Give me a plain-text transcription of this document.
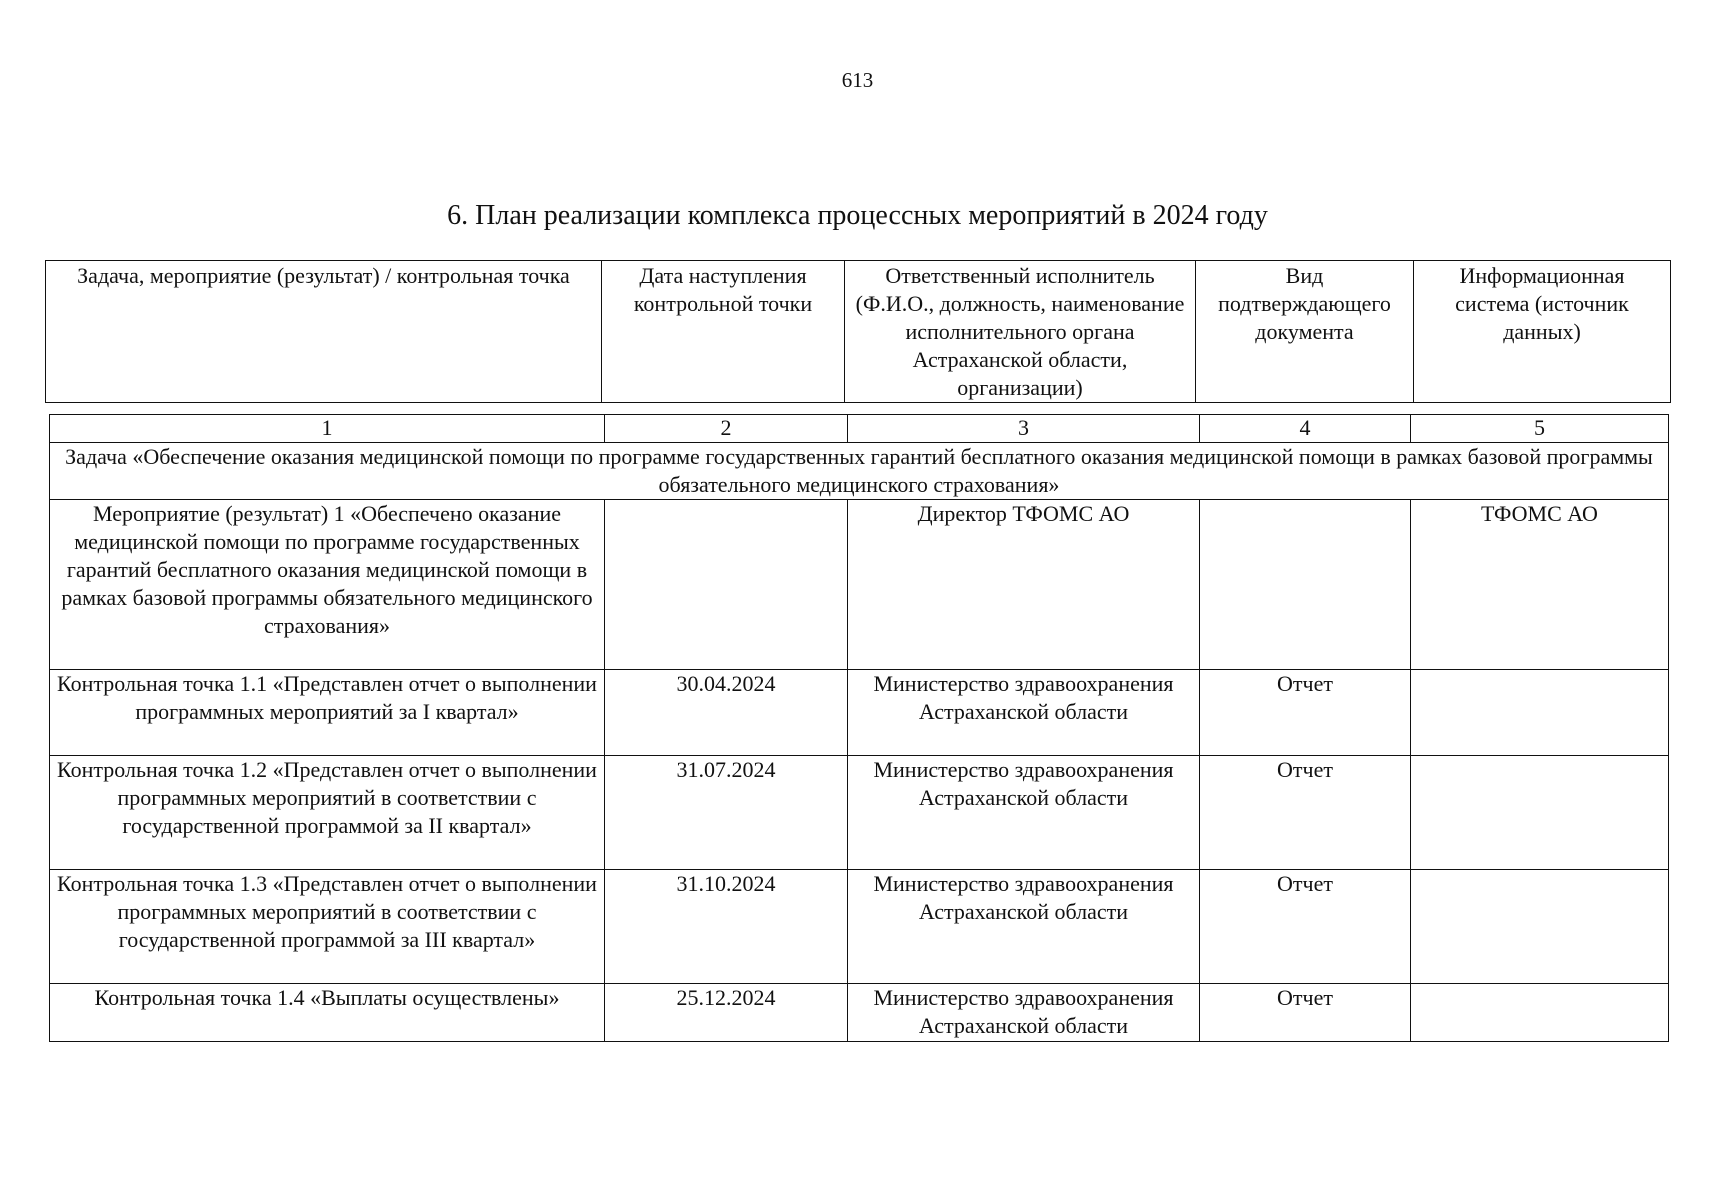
613
6. План реализации комплекса процессных мероприятий в 2024 году
Задача, мероприятие (результат) / контрольная точка	Дата наступления контрольной точки	Ответственный исполнитель (Ф.И.О., должность, наименование исполнительного органа Астраханской области, организации)	Вид подтверждающего документа	Информационная система (источник данных)
1	2	3	4	5
Задача «Обеспечение оказания медицинской помощи по программе государственных гарантий бесплатного оказания медицинской помощи в рамках базовой программы обязательного медицинского страхования»				
Мероприятие (результат) 1 «Обеспечено оказание медицинской помощи по программе государственных гарантий бесплатного оказания медицинской помощи в рамках базовой программы обязательного медицинского страхования»		Директор ТФОМС АО		ТФОМС АО
Контрольная точка 1.1 «Представлен отчет о выполнении программных мероприятий за I квартал»	30.04.2024	Министерство здравоохранения Астраханской области	Отчет	
Контрольная точка 1.2 «Представлен отчет о выполнении программных мероприятий в соответствии с государственной программой за II квартал»	31.07.2024	Министерство здравоохранения Астраханской области	Отчет	
Контрольная точка 1.3 «Представлен отчет о выполнении программных мероприятий в соответствии с государственной программой за III квартал»	31.10.2024	Министерство здравоохранения Астраханской области	Отчет	
Контрольная точка 1.4 «Выплаты осуществлены»	25.12.2024	Министерство здравоохранения Астраханской области	Отчет	
